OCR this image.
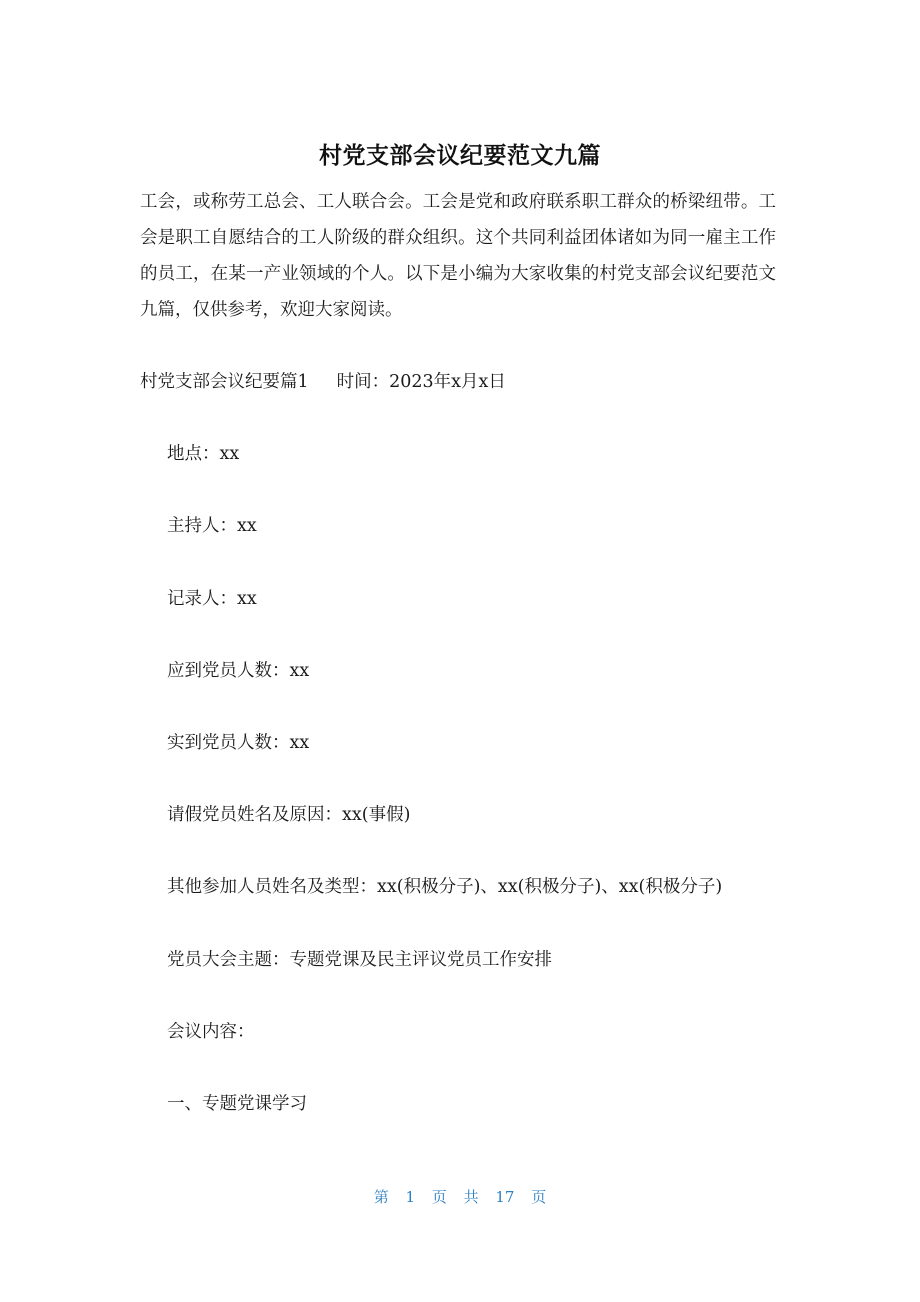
村党支部会议纪要范文九篇

工会，或称劳工总会、工人联合会。工会是党和政府联系职工群众的桥梁纽带。工会是职工自愿结合的工人阶级的群众组织。这个共同利益团体诸如为同一雇主工作的员工，在某一产业领域的个人。以下是小编为大家收集的村党支部会议纪要范文九篇，仅供参考，欢迎大家阅读。

村党支部会议纪要篇1 时间：2023年x月x日

地点：xx

主持人：xx

记录人：xx

应到党员人数：xx

实到党员人数：xx

请假党员姓名及原因：xx(事假)

其他参加人员姓名及类型：xx(积极分子)、xx(积极分子)、xx(积极分子)

党员大会主题：专题党课及民主评议党员工作安排

会议内容：

一、专题党课学习

第 1 页 共 17 页
